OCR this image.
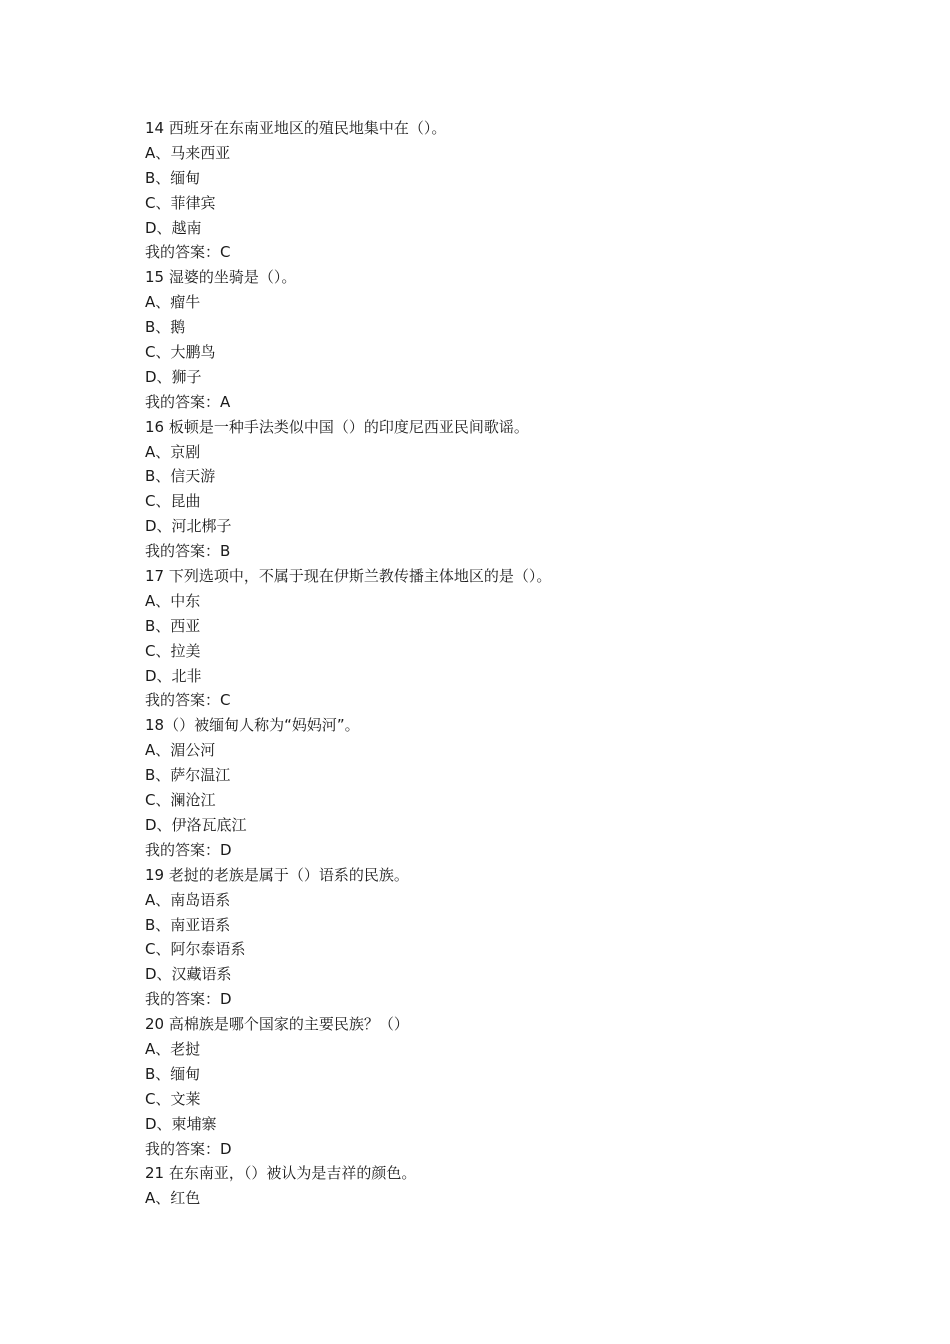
14 西班牙在东南亚地区的殖民地集中在（）。
A、马来西亚
B、缅甸
C、菲律宾
D、越南
我的答案：C
15 湿婆的坐骑是（）。
A、瘤牛
B、鹅
C、大鹏鸟
D、狮子
我的答案：A
16 板顿是一种手法类似中国（）的印度尼西亚民间歌谣。
A、京剧
B、信天游
C、昆曲
D、河北梆子
我的答案：B
17 下列选项中，不属于现在伊斯兰教传播主体地区的是（）。
A、中东
B、西亚
C、拉美
D、北非
我的答案：C
18（）被缅甸人称为“妈妈河”。
A、湄公河
B、萨尔温江
C、澜沧江
D、伊洛瓦底江
我的答案：D
19 老挝的老族是属于（）语系的民族。
A、南岛语系
B、南亚语系
C、阿尔泰语系
D、汉藏语系
我的答案：D
20 高棉族是哪个国家的主要民族？（）
A、老挝
B、缅甸
C、文莱
D、柬埔寨
我的答案：D
21 在东南亚，（）被认为是吉祥的颜色。
A、红色
